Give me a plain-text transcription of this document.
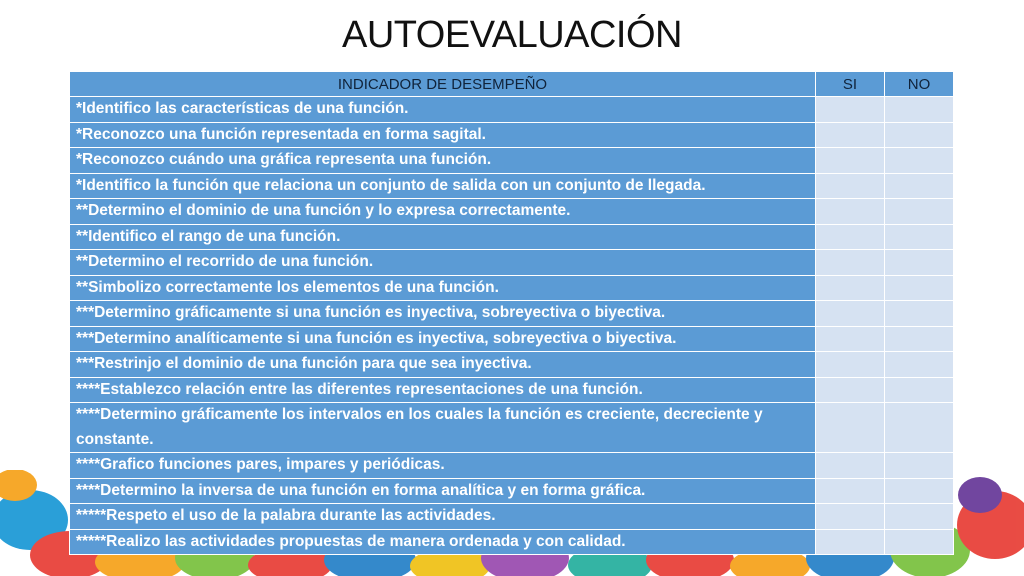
AUTOEVALUACIÓN
INDICADOR DE DESEMPEÑO	SI	NO
*Identifico las características de una función.		
*Reconozco una función representada en forma sagital.		
*Reconozco cuándo una gráfica representa una función.		
*Identifico la función que relaciona un conjunto de salida con un conjunto de llegada.		
**Determino el dominio de una función y lo expresa correctamente.		
**Identifico el rango de una función.		
**Determino el recorrido de una función.		
**Simbolizo correctamente los elementos de una función.		
***Determino gráficamente si una función es inyectiva, sobreyectiva o biyectiva.		
***Determino analíticamente si una función es inyectiva, sobreyectiva o biyectiva.		
***Restrinjo el dominio de una función para que sea inyectiva.		
****Establezco relación entre las diferentes representaciones de una función.		
****Determino gráficamente los intervalos en los cuales la función es creciente, decreciente y constante.		
****Grafico funciones pares, impares y periódicas.		
****Determino la inversa de una función en forma analítica y en forma gráfica.		
*****Respeto el uso de la palabra durante las actividades.		
*****Realizo las actividades propuestas de manera ordenada y con calidad.		
